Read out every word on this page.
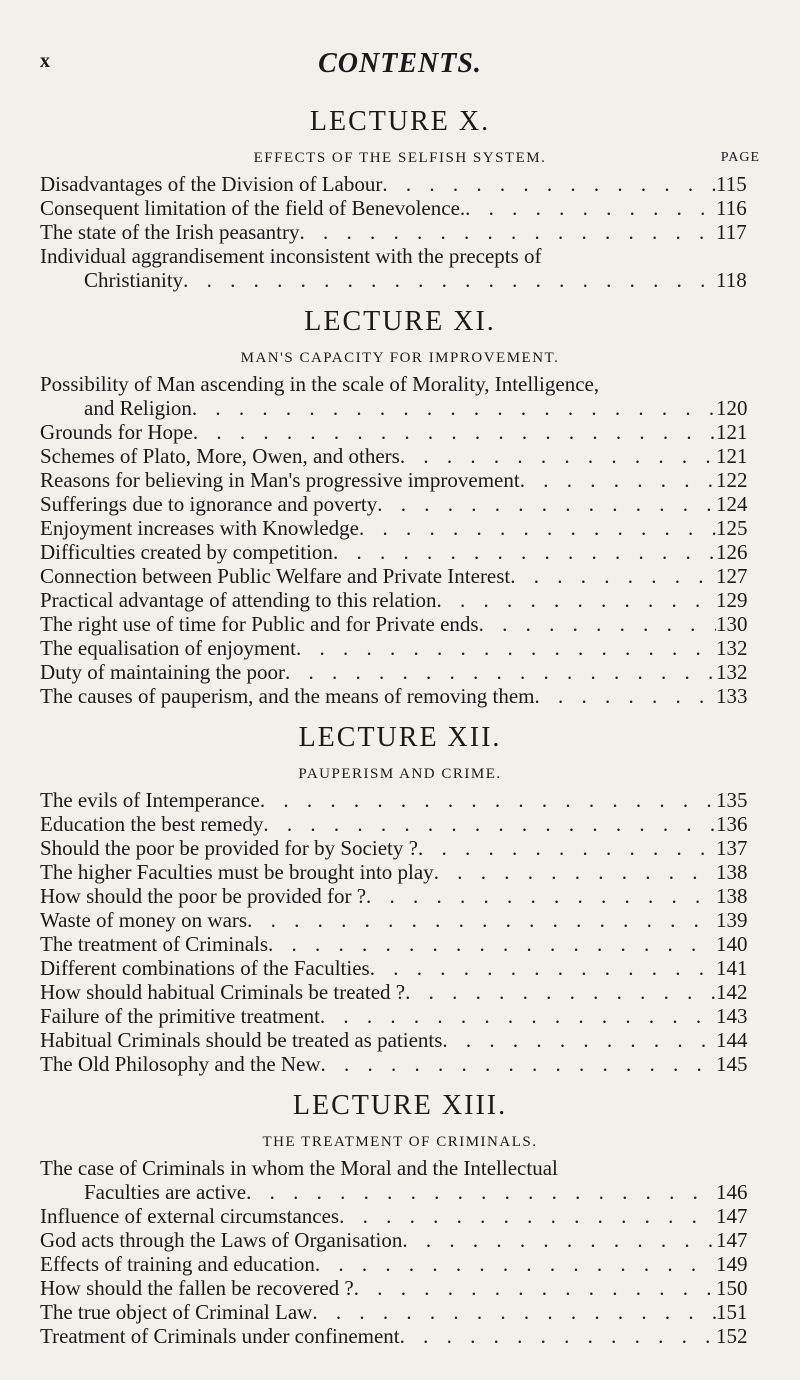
x	CONTENTS.
LECTURE X.
EFFECTS OF THE SELFISH SYSTEM.	PAGE
Disadvantages of the Division of Labour . . .	115
Consequent limitation of the field of Benevolence. . . .	116
The state of the Irish peasantry . . .	117
Individual aggrandisement inconsistent with the precepts of
Christianity . . .	118
LECTURE XI.
MAN'S CAPACITY FOR IMPROVEMENT.
Possibility of Man ascending in the scale of Morality, Intelligence,
and Religion . . .	120
Grounds for Hope . . .	121
Schemes of Plato, More, Owen, and others . . .	121
Reasons for believing in Man's progressive improvement . . .	122
Sufferings due to ignorance and poverty . . .	124
Enjoyment increases with Knowledge . . .	125
Difficulties created by competition . . .	126
Connection between Public Welfare and Private Interest . . .	127
Practical advantage of attending to this relation . . .	129
The right use of time for Public and for Private ends . . .	130
The equalisation of enjoyment . . .	132
Duty of maintaining the poor . . .	132
The causes of pauperism, and the means of removing them . . .	133
LECTURE XII.
PAUPERISM AND CRIME.
The evils of Intemperance . . .	135
Education the best remedy . . .	136
Should the poor be provided for by Society ? . . .	137
The higher Faculties must be brought into play . . .	138
How should the poor be provided for ? . . .	138
Waste of money on wars . . .	139
The treatment of Criminals . . .	140
Different combinations of the Faculties . . .	141
How should habitual Criminals be treated ? . . .	142
Failure of the primitive treatment . . .	143
Habitual Criminals should be treated as patients . . .	144
The Old Philosophy and the New . . .	145
LECTURE XIII.
THE TREATMENT OF CRIMINALS.
The case of Criminals in whom the Moral and the Intellectual
Faculties are active . . .	146
Influence of external circumstances . . .	147
God acts through the Laws of Organisation . . .	147
Effects of training and education . . .	149
How should the fallen be recovered ? . . .	150
The true object of Criminal Law . . .	151
Treatment of Criminals under confinement . . .	152
